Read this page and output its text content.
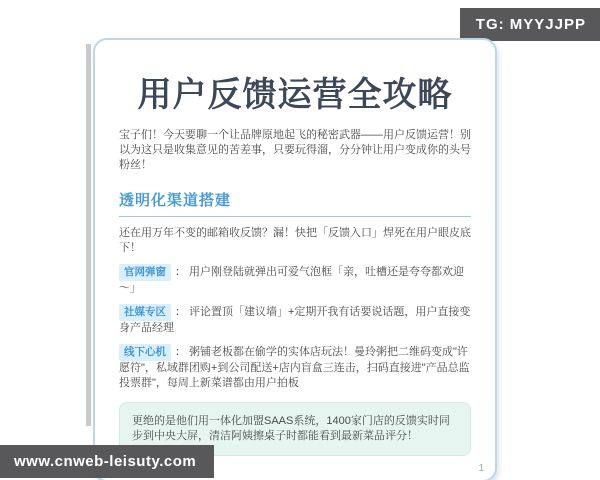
TG: MYYJJPP
用户反馈运营全攻略

宝子们！今天要聊一个让品牌原地起飞的秘密武器——用户反馈运营！别以为这只是收集意见的苦差事，只要玩得溜，分分钟让用户变成你的头号粉丝！

透明化渠道搭建

还在用万年不变的邮箱收反馈？漏！快把「反馈入口」焊死在用户眼皮底下！

官网弹窗 ： 用户刚登陆就弹出可爱气泡框「亲，吐槽还是夸夸都欢迎～」

社媒专区 ： 评论置顶「建议墙」+定期开我有话要说话题，用户直接变身产品经理

线下心机 ： 粥铺老板都在偷学的实体店玩法！曼玲粥把二维码变成"许愿符"，私域群团购+到公司配送+店内盲盒三连击，扫码直接进"产品总监投票群"，每周上新菜谱都由用户拍板

更绝的是他们用一体化加盟SAAS系统，1400家门店的反馈实时同步到中央大屏，清洁阿姨擦桌子时都能看到最新菜品评分！
1
www.cnweb-leisuty.com
